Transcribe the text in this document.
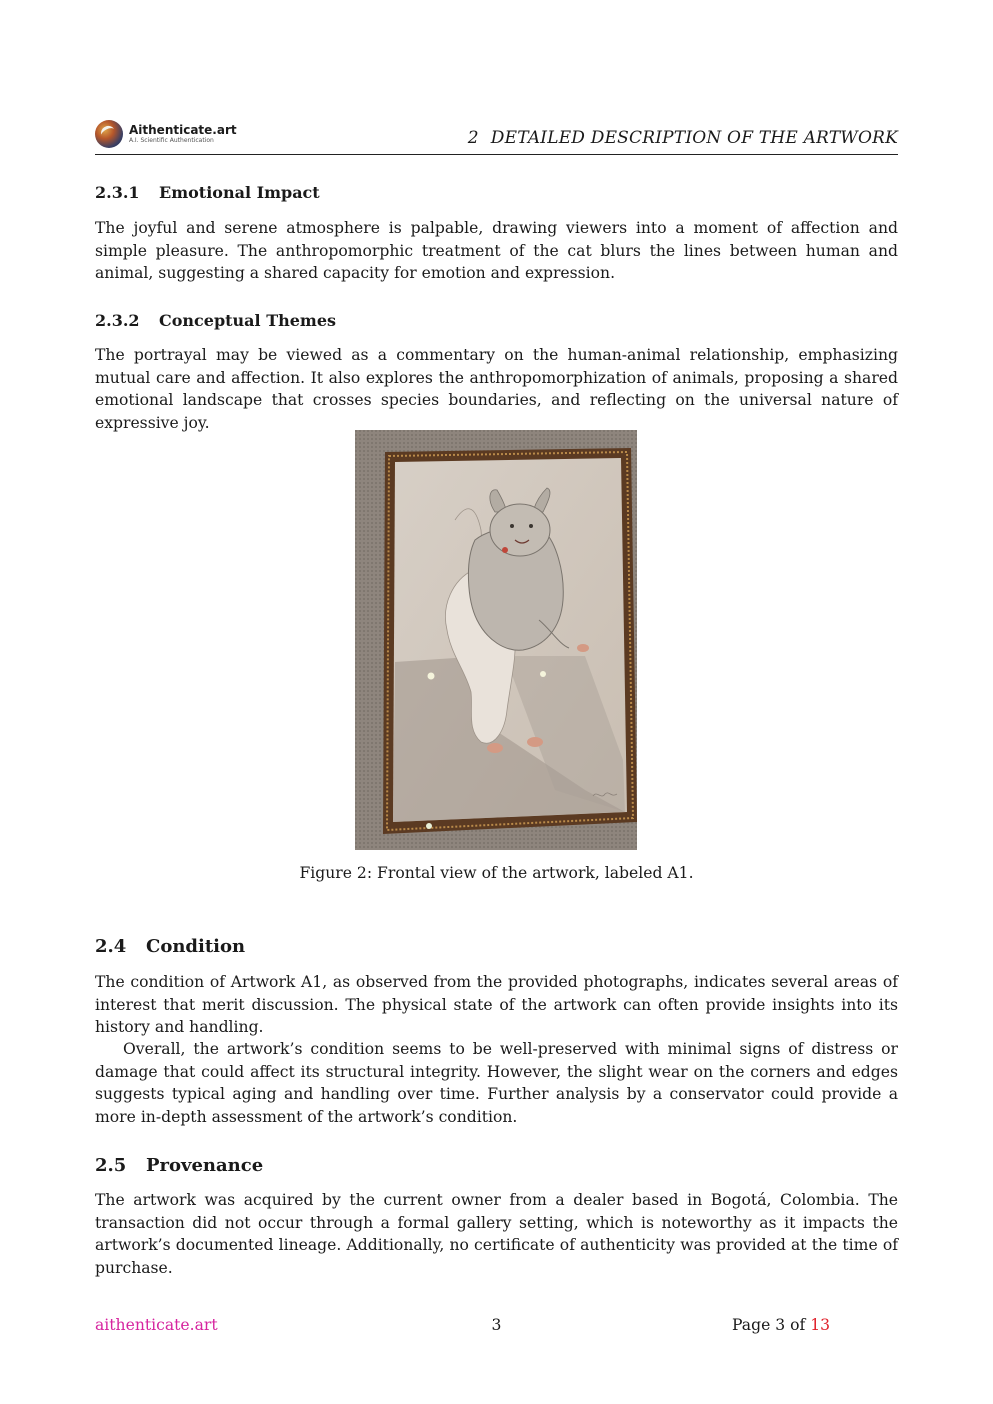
Aithenticate.art
A.I. Scientific Authentication	2 DETAILED DESCRIPTION OF THE ARTWORK
2.3.1 Emotional Impact

The joyful and serene atmosphere is palpable, drawing viewers into a moment of affection and simple pleasure. The anthropomorphic treatment of the cat blurs the lines between human and animal, suggesting a shared capacity for emotion and expression.

2.3.2 Conceptual Themes

The portrayal may be viewed as a commentary on the human-animal relationship, emphasizing mutual care and affection. It also explores the anthropomorphization of animals, proposing a shared emotional landscape that crosses species boundaries, and reflecting on the universal nature of expressive joy.

Figure 2: Frontal view of the artwork, labeled A1.
2.4 Condition

The condition of Artwork A1, as observed from the provided photographs, indicates several areas of interest that merit discussion. The physical state of the artwork can often provide insights into its history and handling.

Overall, the artwork’s condition seems to be well-preserved with minimal signs of distress or damage that could affect its structural integrity. However, the slight wear on the corners and edges suggests typical aging and handling over time. Further analysis by a conservator could provide a more in-depth assessment of the artwork’s condition.

2.5 Provenance

The artwork was acquired by the current owner from a dealer based in Bogotá, Colombia. The transaction did not occur through a formal gallery setting, which is noteworthy as it impacts the artwork’s documented lineage. Additionally, no certificate of authenticity was provided at the time of purchase.

aithenticate.art	3	Page 3 of 13
